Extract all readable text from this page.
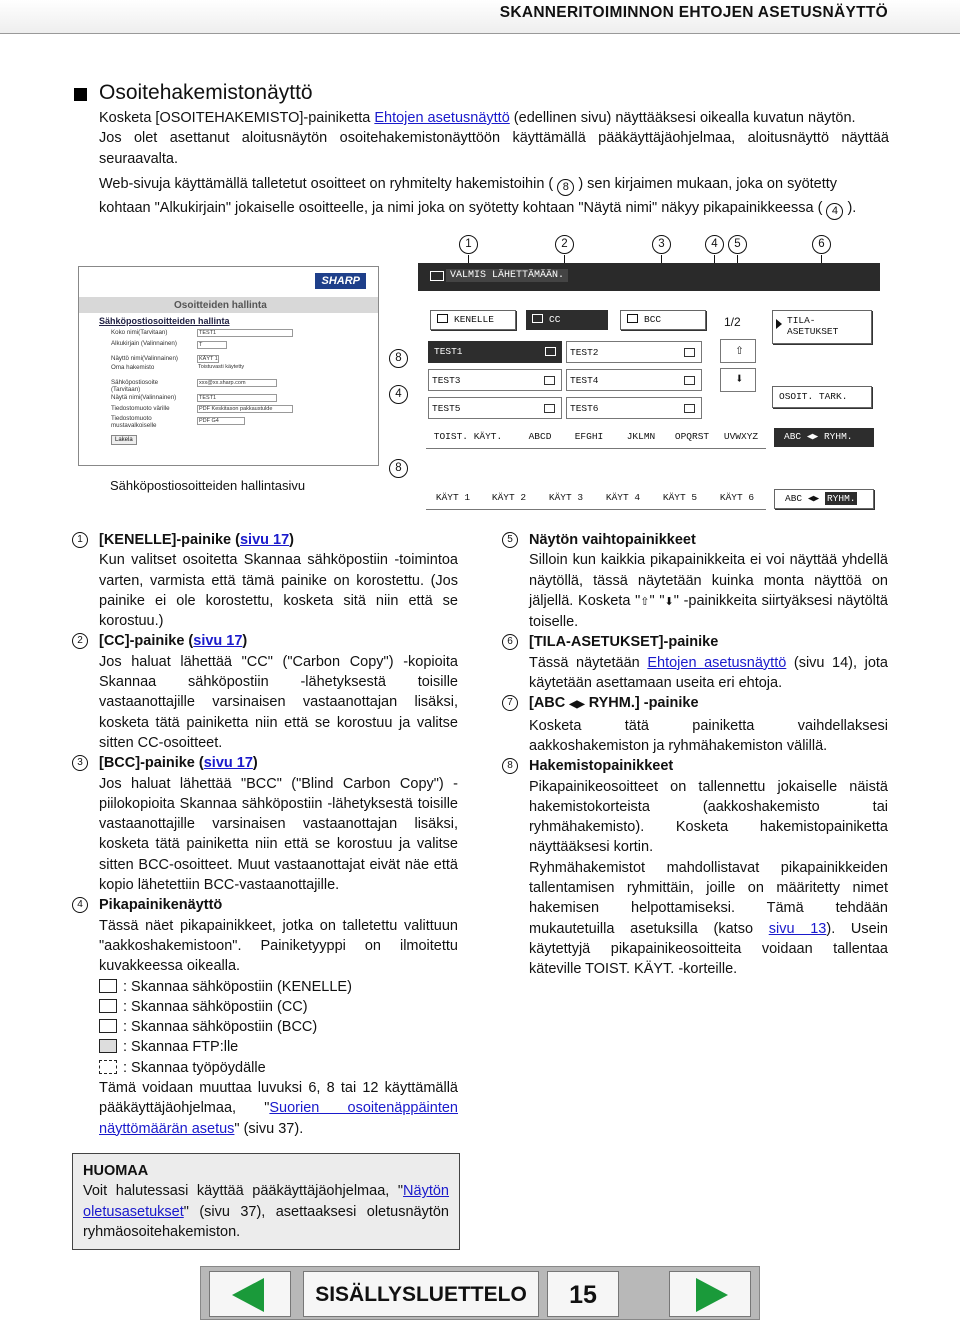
SKANNERITOIMINNON EHTOJEN ASETUSNÄYTTÖ
Osoitehakemistonäyttö
Kosketa [OSOITEHAKEMISTO]-painiketta Ehtojen asetusnäyttö (edellinen sivu) näyttääksesi oikealla kuvatun näytön.
Jos olet asettanut aloitusnäytön osoitehakemistonäyttöön käyttämällä pääkäyttäjäohjelmaa, aloitusnäyttö näyttää seuraavalta.
Web-sivuja käyttämällä talletetut osoitteet on ryhmitelty hakemistoihin ( 8 ) sen kirjaimen mukaan, joka on syötetty kohtaan "Alkukirjain" jokaiselle osoitteelle, ja nimi joka on syötetty kohtaan "Näytä nimi" näkyy pikapainikkeessa ( 4 ).
1	2	3	4	5	6
8
4
8
SHARP
Osoitteiden hallinta
Sähköpostiosoitteiden hallinta
Koko nimi(Tarvitaan)
Alkukirjain (Valinnainen)
Näyttö nimi(Valinnainen)
Oma hakemisto
Sähköpostiosoite (Tarvitaan)
Näytä nimi(Valinnainen)
Tiedostomuoto värille
Tiedostomuoto mustavalkoiselle
TEST1
T
KÄYT 1
Toistuvasti käytetty
xxx@xx.sharp.com
TEST1
PDF Keskitason pakkaustulde
PDF G4
Lakela
Sähköpostiosoitteiden hallintasivu
VALMIS LÄHETTÄMÄÄN.
KENELLE	CC	BCC	1/2	TILA-
ASETUKSET
TEST1	TEST2
TEST3	TEST4
TEST5	TEST6
⇧
⬇
OSOIT. TARK.
TOIST. KÄYT.	ABCD	EFGHI	JKLMN	OPQRST	UVWXYZ	ABC ◀▶ RYHM.
KÄYT 1	KÄYT 2	KÄYT 3	KÄYT 4	KÄYT 5	KÄYT 6	ABC ◀▶ RYHM.
1	[KENELLE]-painike (sivu 17)
Kun valitset osoitetta Skannaa sähköpostiin -toimintoa varten, varmista että tämä painike on korostettu. (Jos painike ei ole korostettu, kosketa sitä niin että se korostuu.)
2	[CC]-painike (sivu 17)
Jos haluat lähettää "CC" ("Carbon Copy") -kopioita Skannaa sähköpostiin -lähetyksestä toisille vastaanottajille varsinaisen vastaanottajan lisäksi, kosketa tätä painiketta niin että se korostuu ja valitse sitten CC-osoitteet.
3	[BCC]-painike (sivu 17)
Jos haluat lähettää "BCC" ("Blind Carbon Copy") -piilokopioita Skannaa sähköpostiin -lähetyksestä toisille vastaanottajille varsinaisen vastaanottajan lisäksi, kosketa tätä painiketta niin että se korostuu ja valitse sitten BCC-osoitteet. Muut vastaanottajat eivät näe että kopio lähetettiin BCC-vastaanottajille.
4	Pikapainikenäyttö
Tässä näet pikapainikkeet, jotka on talletettu valittuun "aakkoshakemistoon". Painiketyyppi on ilmoitettu kuvakkeessa oikealla.
: Skannaa sähköpostiin (KENELLE)
: Skannaa sähköpostiin (CC)
: Skannaa sähköpostiin (BCC)
: Skannaa FTP:lle
: Skannaa työpöydälle
Tämä voidaan muuttaa luvuksi 6, 8 tai 12 käyttämällä pääkäyttäjäohjelmaa, "Suorien osoitenäppäinten näyttömäärän asetus" (sivu 37).
5	Näytön vaihtopainikkeet
Silloin kun kaikkia pikapainikkeita ei voi näyttää yhdellä näytöllä, tässä näytetään kuinka monta näyttöä on jäljellä. Kosketa "⇧" "⬇" -painikkeita siirtyäksesi näytöltä toiselle.
6	[TILA-ASETUKSET]-painike
Tässä näytetään Ehtojen asetusnäyttö (sivu 14), jota käytetään asettamaan useita eri ehtoja.
7	[ABC ◀▶ RYHM.] -painike
Kosketa tätä painiketta vaihdellaksesi aakkoshakemiston ja ryhmähakemiston välillä.
8	Hakemistopainikkeet
Pikapainikeosoitteet on tallennettu jokaiselle näistä hakemistokorteista (aakkoshakemisto tai ryhmähakemisto). Kosketa hakemistopainiketta näyttääksesi kortin.
Ryhmähakemistot mahdollistavat pikapainikkeiden tallentamisen ryhmittäin, joille on määritetty nimet hakemisen helpottamiseksi. Tämä tehdään mukautetuilla asetuksilla (katso sivu 13). Usein käytettyjä pikapainikeosoitteita voidaan tallentaa käteville TOIST. KÄYT. -korteille.
HUOMAA
Voit halutessasi käyttää pääkäyttäjäohjelmaa, "Näytön oletusasetukset" (sivu 37), asettaaksesi oletusnäytön ryhmäosoitehakemiston.
SISÄLLYSLUETTELO	15
